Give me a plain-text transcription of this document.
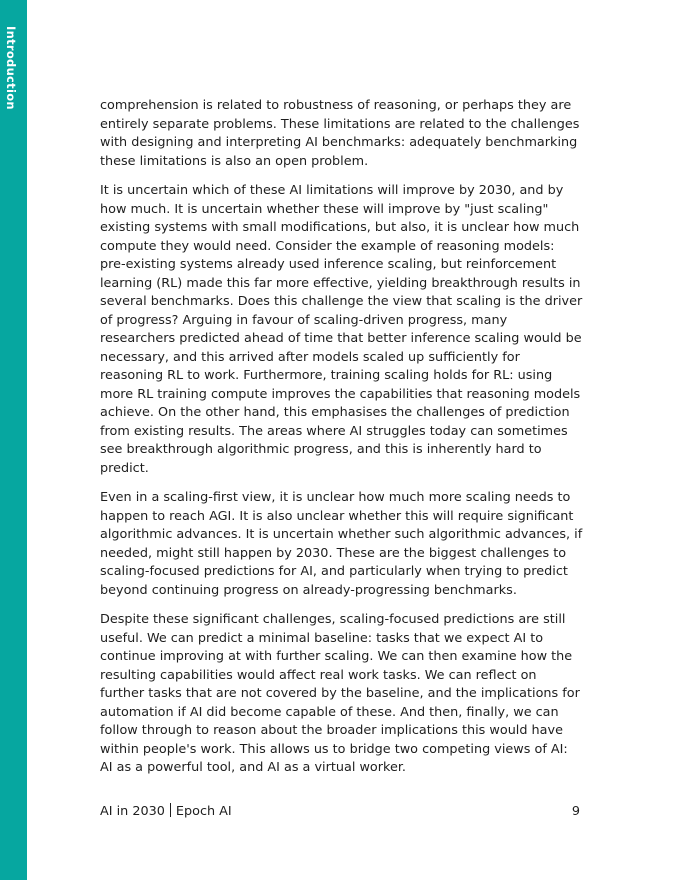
Introduction	comprehension is related to robustness of reasoning, or perhaps they are entirely separate problems. These limitations are related to the challenges with designing and interpreting AI benchmarks: adequately benchmarking these limitations is also an open problem.

It is uncertain which of these AI limitations will improve by 2030, and by how much. It is uncertain whether these will improve by "just scaling" existing systems with small modifications, but also, it is unclear how much compute they would need. Consider the example of reasoning models: pre-existing systems already used inference scaling, but reinforcement learning (RL) made this far more effective, yielding breakthrough results in several benchmarks. Does this challenge the view that scaling is the driver of progress? Arguing in favour of scaling-driven progress, many researchers predicted ahead of time that better inference scaling would be necessary, and this arrived after models scaled up sufficiently for reasoning RL to work. Furthermore, training scaling holds for RL: using more RL training compute improves the capabilities that reasoning models achieve. On the other hand, this emphasises the challenges of prediction from existing results. The areas where AI struggles today can sometimes see breakthrough algorithmic progress, and this is inherently hard to predict.

Even in a scaling-first view, it is unclear how much more scaling needs to happen to reach AGI. It is also unclear whether this will require significant algorithmic advances. It is uncertain whether such algorithmic advances, if needed, might still happen by 2030. These are the biggest challenges to scaling-focused predictions for AI, and particularly when trying to predict beyond continuing progress on already-progressing benchmarks.

Despite these significant challenges, scaling-focused predictions are still useful. We can predict a minimal baseline: tasks that we expect AI to continue improving at with further scaling. We can then examine how the resulting capabilities would affect real work tasks. We can reflect on further tasks that are not covered by the baseline, and the implications for automation if AI did become capable of these. And then, finally, we can follow through to reason about the broader implications this would have within people's work. This allows us to bridge two competing views of AI: AI as a powerful tool, and AI as a virtual worker.

AI in 2030 Epoch AI	9
